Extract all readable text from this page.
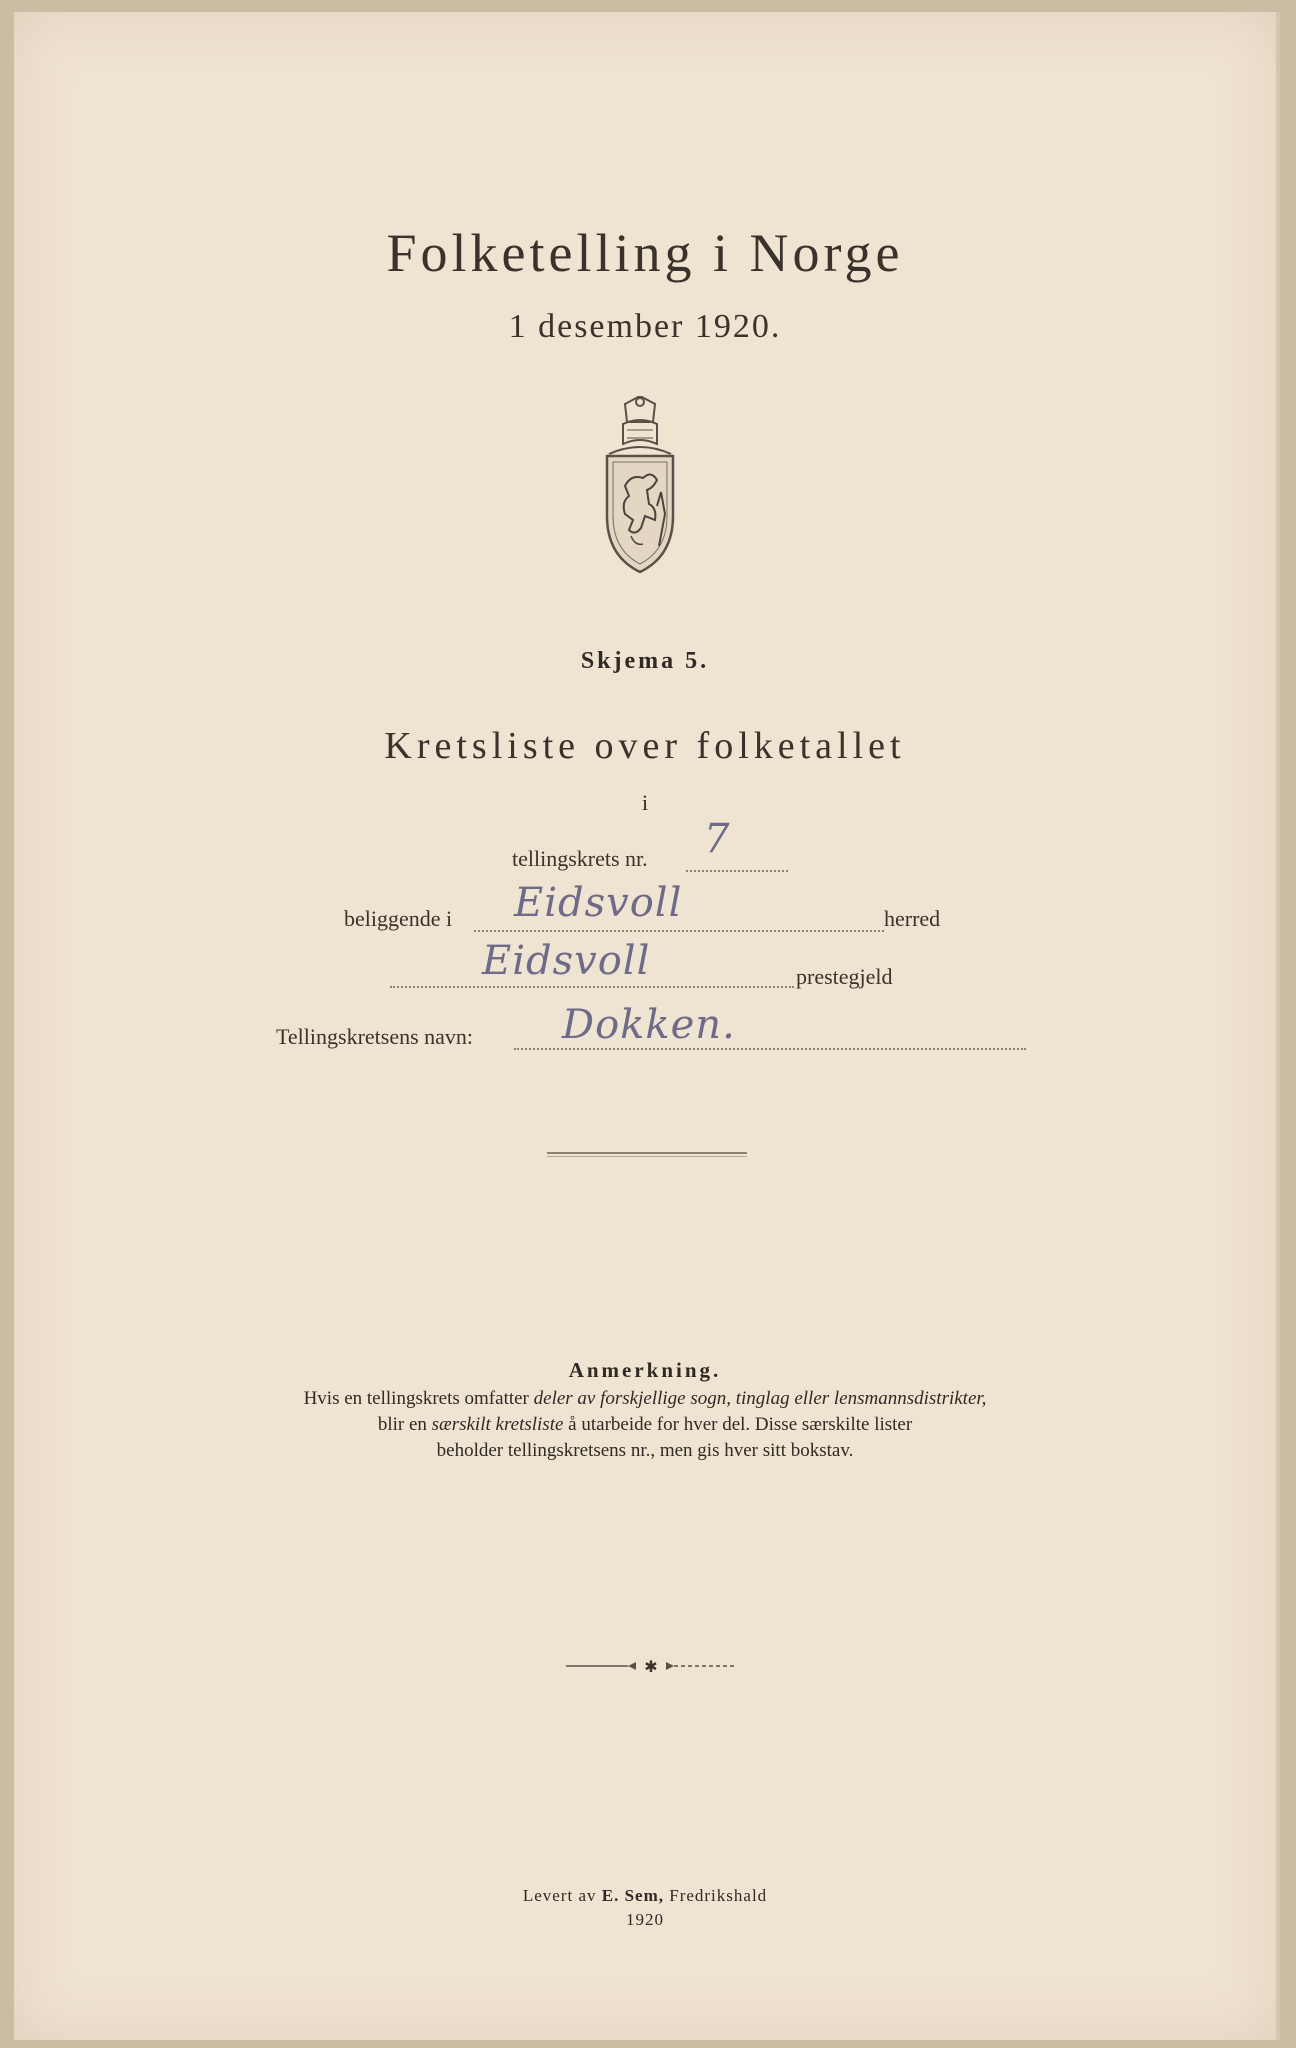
Folketelling i Norge
1 desember 1920.
Skjema 5.
Kretsliste over folketallet
i
tellingskrets nr. 7
beliggende i Eidsvoll	herred
Eidsvoll	prestegjeld
Tellingskretsens navn: Dokken.
Anmerkning.
Hvis en tellingskrets omfatter deler av forskjellige sogn, tinglag eller lensmannsdistrikter,
blir en særskilt kretsliste å utarbeide for hver del. Disse særskilte lister
beholder tellingskretsens nr., men gis hver sitt bokstav.
✱
Levert av E. Sem, Fredrikshald
1920
